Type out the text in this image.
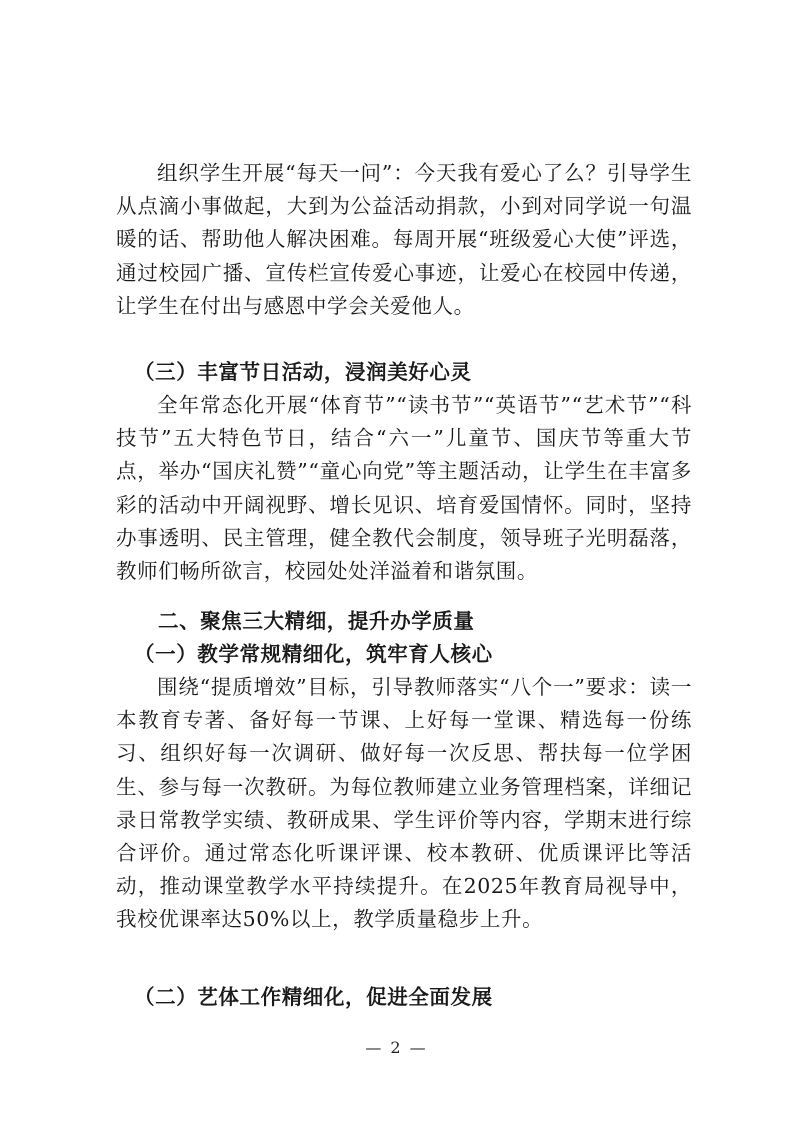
组织学生开展“每天一问”：今天我有爱心了么？引导学生从点滴小事做起，大到为公益活动捐款，小到对同学说一句温暖的话、帮助他人解决困难。每周开展“班级爱心大使”评选，通过校园广播、宣传栏宣传爱心事迹，让爱心在校园中传递，让学生在付出与感恩中学会关爱他人。

（三）丰富节日活动，浸润美好心灵

全年常态化开展“体育节”“读书节”“英语节”“艺术节”“科技节”五大特色节日，结合“六一”儿童节、国庆节等重大节点，举办“国庆礼赞”“童心向党”等主题活动，让学生在丰富多彩的活动中开阔视野、增长见识、培育爱国情怀。同时，坚持办事透明、民主管理，健全教代会制度，领导班子光明磊落，教师们畅所欲言，校园处处洋溢着和谐氛围。

二、聚焦三大精细，提升办学质量

（一）教学常规精细化，筑牢育人核心

围绕“提质增效”目标，引导教师落实“八个一”要求：读一本教育专著、备好每一节课、上好每一堂课、精选每一份练习、组织好每一次调研、做好每一次反思、帮扶每一位学困生、参与每一次教研。为每位教师建立业务管理档案，详细记录日常教学实绩、教研成果、学生评价等内容，学期末进行综合评价。通过常态化听课评课、校本教研、优质课评比等活动，推动课堂教学水平持续提升。在2025年教育局视导中，我校优课率达50%以上，教学质量稳步上升。

（二）艺体工作精细化，促进全面发展

— 2 —
